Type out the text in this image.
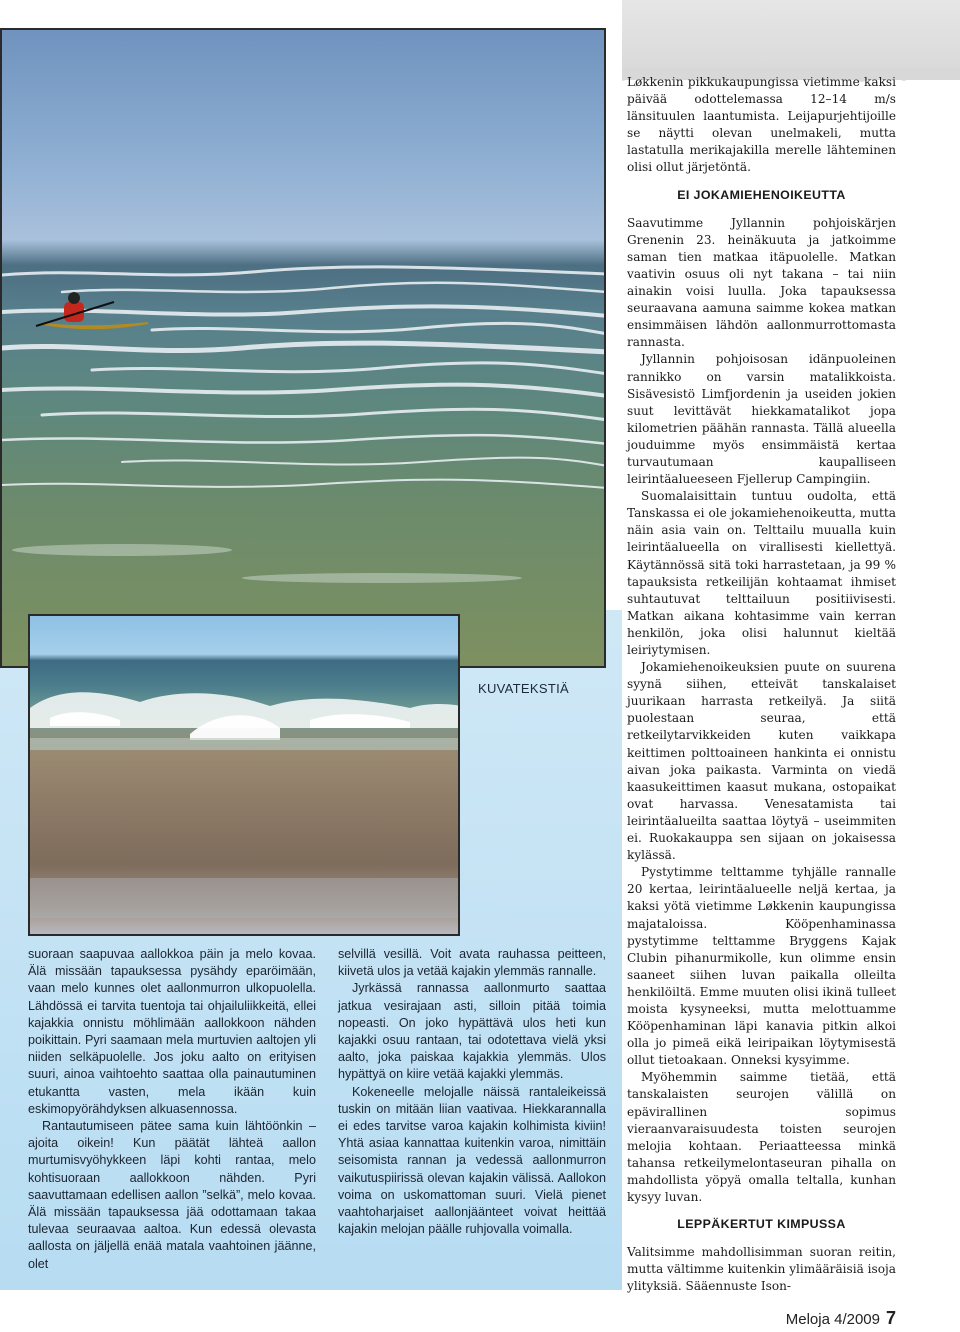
KUVATEKSTIÄ

suoraan saapuvaa aallokkoa päin ja melo kovaa. Älä missään tapauksessa pysähdy eparöimään, vaan melo kunnes olet aallonmurron ulkopuolella. Lähdössä ei tarvita tuentoja tai ohjailuliikkeitä, ellei kajakkia onnistu möhlimään aallokkoon nähden poikittain. Pyri saamaan mela murtuvien aaltojen yli niiden selkäpuolelle. Jos joku aalto on erityisen suuri, ainoa vaihtoehto saattaa olla painautuminen etukantta vasten, mela ikään kuin eskimopyörähdyksen alkuasennossa.

Rantautumiseen pätee sama kuin lähtöönkin – ajoita oikein! Kun päätät lähteä aallon murtumisvyöhykkeen läpi kohti rantaa, melo kohtisuoraan aallokkoon nähden. Pyri saavuttamaan edellisen aallon ”selkä”, melo kovaa. Älä missään tapauksessa jää odottamaan takaa tulevaa seuraavaa aaltoa. Kun edessä olevasta aallosta on jäljellä enää matala vaahtoinen jäänne, olet

selvillä vesillä. Voit avata rauhassa peitteen, kiivetä ulos ja vetää kajakin ylemmäs rannalle.

Jyrkässä rannassa aallonmurto saattaa jatkua vesirajaan asti, silloin pitää toimia nopeasti. On joko hypättävä ulos heti kun kajakki osuu rantaan, tai odotettava vielä yksi aalto, joka paiskaa kajakkia ylemmäs. Ulos hypättyä on kiire vetää kajakki ylemmäs.

Kokeneelle melojalle näissä rantaleikeissä tuskin on mitään liian vaativaa. Hiekkarannalla ei edes tarvitse varoa kajakin kolhimista kiviin! Yhtä asiaa kannattaa kuitenkin varoa, nimittäin seisomista rannan ja vedessä aallonmurron vaikutuspiirissä olevan kajakin välissä. Aallokon voima on uskomattoman suuri. Vielä pienet vaahtoharjaiset aallonjäänteet voivat heittää kajakin melojan päälle ruhjovalla voimalla.

Løkkenin pikkukaupungissa vietimme kaksi päivää odottelemassa 12–14 m/s länsituulen laantumista. Leijapurjehtijoille se näytti olevan unelmakeli, mutta lastatulla merikajakilla merelle lähteminen olisi ollut järjetöntä.

EI JOKAMIEHENOIKEUTTA

Saavutimme Jyllannin pohjoiskärjen Grenenin 23. heinäkuuta ja jatkoimme saman tien matkaa itäpuolelle. Matkan vaativin osuus oli nyt takana – tai niin ainakin voisi luulla. Joka tapauksessa seuraavana aamuna saimme kokea matkan ensimmäisen lähdön aallonmurrottomasta rannasta.

Jyllannin pohjoisosan idänpuoleinen rannikko on varsin matalikkoista. Sisävesistö Limfjordenin ja useiden jokien suut levittävät hiekkamatalikot jopa kilometrien päähän rannasta. Tällä alueella jouduimme myös ensimmäistä kertaa turvautumaan kaupalliseen leirintäalueeseen Fjellerup Campingiin.

Suomalaisittain tuntuu oudolta, että Tanskassa ei ole jokamiehenoikeutta, mutta näin asia vain on. Telttailu muualla kuin leirintäalueella on virallisesti kiellettyä. Käytännössä sitä toki harrastetaan, ja 99 % tapauksista retkeilijän kohtaamat ihmiset suhtautuvat telttailuun positiivisesti. Matkan aikana kohtasimme vain kerran henkilön, joka olisi halunnut kieltää leiriytymisen.

Jokamiehenoikeuksien puute on suurena syynä siihen, etteivät tanskalaiset juurikaan harrasta retkeilyä. Ja siitä puolestaan seuraa, että retkeilytarvikkeiden kuten vaikkapa keittimen polttoaineen hankinta ei onnistu aivan joka paikasta. Varminta on viedä kaasukeittimen kaasut mukana, ostopaikat ovat harvassa. Venesatamista tai leirintäalueilta saattaa löytyä – useimmiten ei. Ruokakauppa sen sijaan on jokaisessa kylässä.

Pystytimme telttamme tyhjälle rannalle 20 kertaa, leirintäalueelle neljä kertaa, ja kaksi yötä vietimme Løkkenin kaupungissa majataloissa. Kööpenhaminassa pystytimme telttamme Bryggens Kajak Clubin pihanurmikolle, kun olimme ensin saaneet siihen luvan paikalla olleilta henkilöiltä. Emme muuten olisi ikinä tulleet moista kysyneeksi, mutta melottuamme Kööpenhaminan läpi kanavia pitkin alkoi olla jo pimeä eikä leiripaikan löytymisestä ollut tietoakaan. Onneksi kysyimme.

Myöhemmin saimme tietää, että tanskalaisten seurojen välillä on epävirallinen sopimus vieraanvaraisuudesta toisten seurojen melojia kohtaan. Periaatteessa minkä tahansa retkeilymelontaseuran pihalla on mahdollista yöpyä omalla teltalla, kunhan kysyy luvan.

LEPPÄKERTUT KIMPUSSA

Valitsimme mahdollisimman suoran reitin, mutta vältimme kuitenkin ylimääräisiä isoja ylityksiä. Sääennuste Ison-

Meloja 4/2009 7
